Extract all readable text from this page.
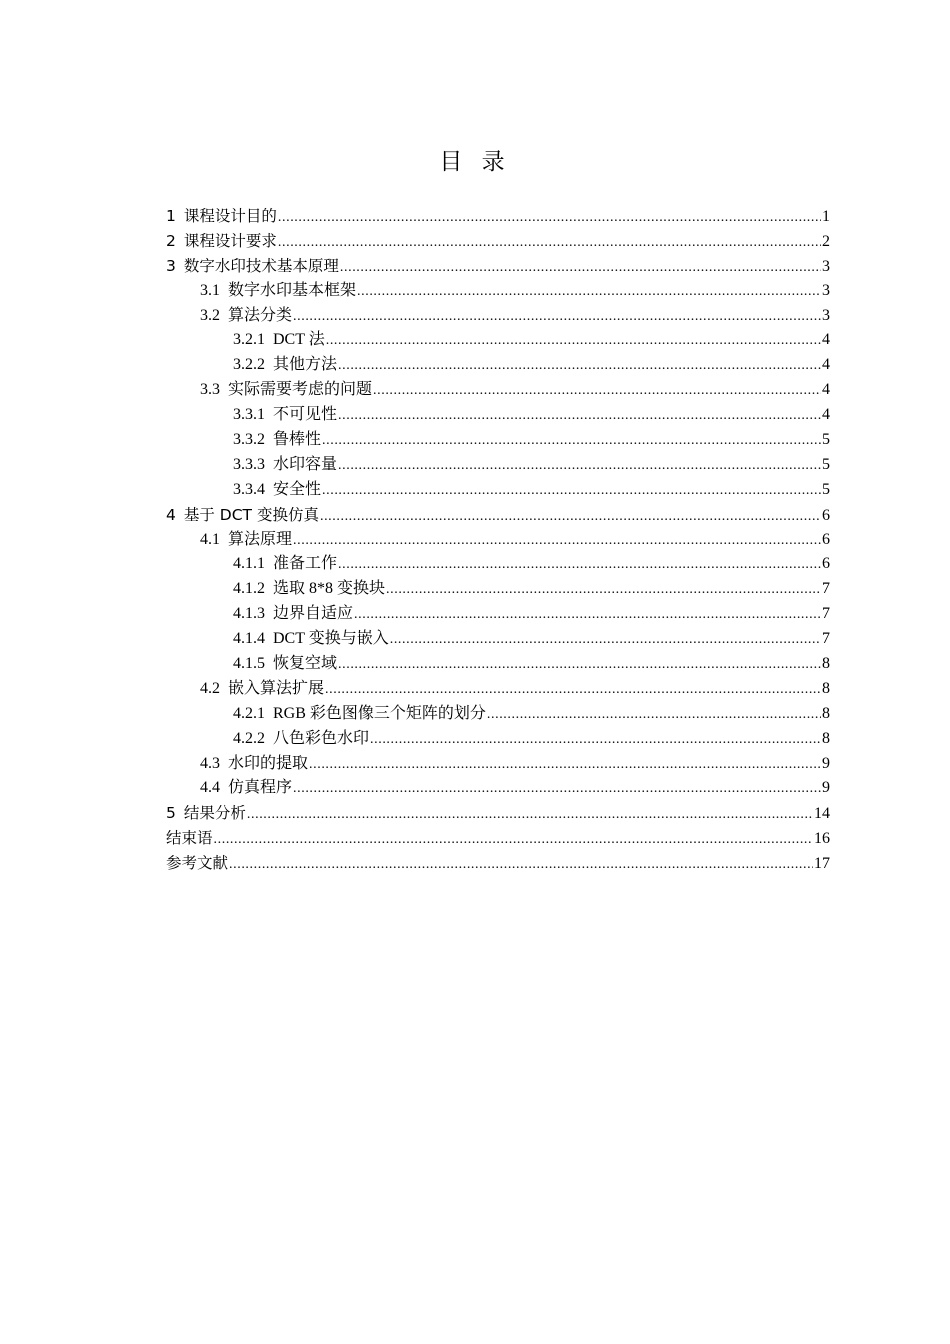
目 录
1 课程设计目的 .....	1
2 课程设计要求 .....	2
3 数字水印技术基本原理 .....	3
3.1 数字水印基本框架 .....	3
3.2 算法分类 .....	3
3.2.1 DCT 法 .....	4
3.2.2 其他方法 .....	4
3.3 实际需要考虑的问题 .....	4
3.3.1 不可见性 .....	4
3.3.2 鲁棒性 .....	5
3.3.3 水印容量 .....	5
3.3.4 安全性 .....	5
4 基于 DCT 变换仿真 .....	6
4.1 算法原理 .....	6
4.1.1 准备工作 .....	6
4.1.2 选取 8*8 变换块 .....	7
4.1.3 边界自适应 .....	7
4.1.4 DCT 变换与嵌入 .....	7
4.1.5 恢复空域 .....	8
4.2 嵌入算法扩展 .....	8
4.2.1 RGB 彩色图像三个矩阵的划分 .....	8
4.2.2 八色彩色水印 .....	8
4.3 水印的提取 .....	9
4.4 仿真程序 .....	9
5 结果分析 .....	14
结束语 .....	16
参考文献 .....	17
